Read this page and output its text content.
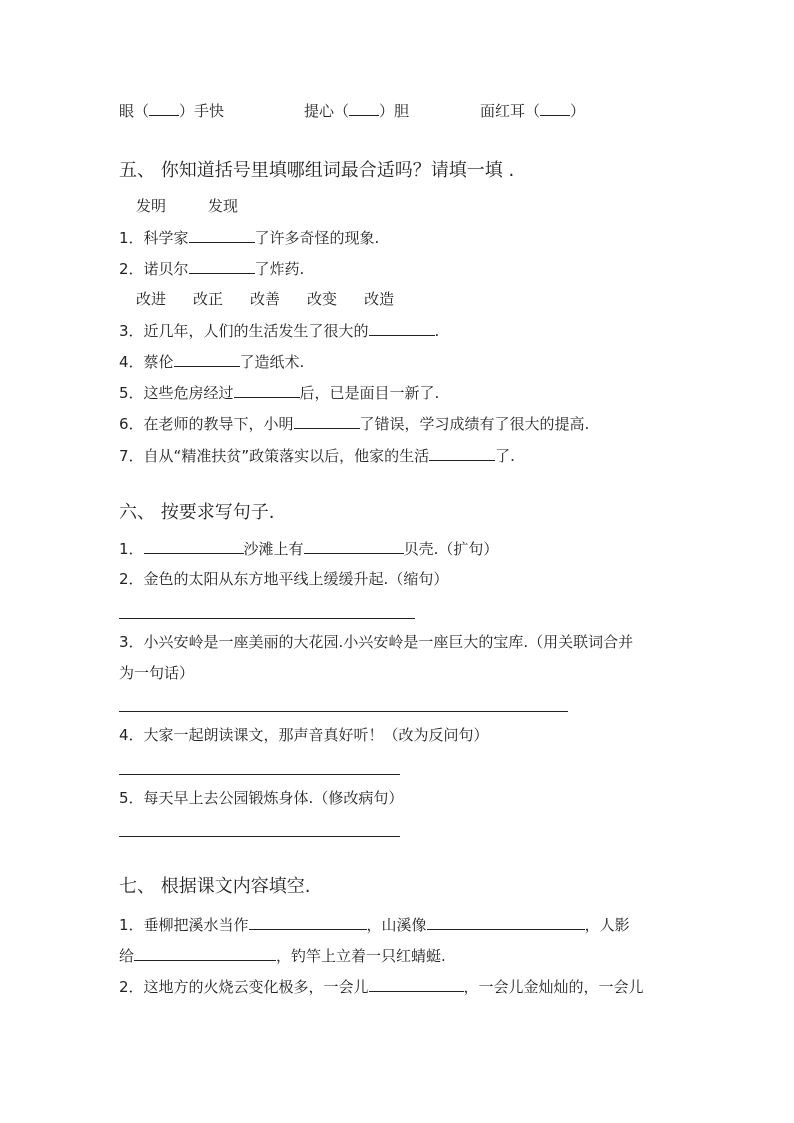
眼（ ）手快	提心（ ）胆	面红耳（ ）
五、 你知道括号里填哪组词最合适吗？请填一填 .
发明	发现
1．科学家	了许多奇怪的现象.
2．诺贝尔	了炸药.
改进 改正 改善 改变 改造
3．近几年，人们的生活发生了很大的	.
4．蔡伦	了造纸术.
5．这些危房经过	后，已是面目一新了.
6．在老师的教导下，小明	了错误，学习成绩有了很大的提高.
7．自从“精准扶贫”政策落实以后，他家的生活	了.
六、 按要求写句子.
1．	沙滩上有	贝壳.（扩句）
2．金色的太阳从东方地平线上缓缓升起.（缩句）
3．小兴安岭是一座美丽的大花园.小兴安岭是一座巨大的宝库.（用关联词合并
为一句话）
4．大家一起朗读课文，那声音真好听！（改为反问句）
5．每天早上去公园锻炼身体.（修改病句）
七、 根据课文内容填空.
1．垂柳把溪水当作	，山溪像	，人影
给	，钓竿上立着一只红蜻蜓.
2．这地方的火烧云变化极多，一会儿	，一会儿金灿灿的，一会儿
